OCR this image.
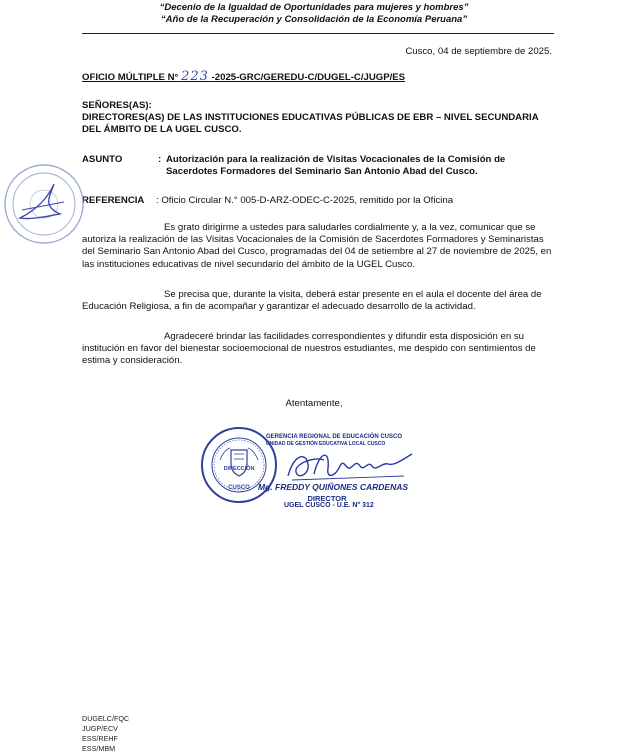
“Decenio de la Igualdad de Oportunidades para mujeres y hombres”
“Año de la Recuperación y Consolidación de la Economía Peruana”
Cusco, 04 de septiembre de 2025.
OFICIO MÚLTIPLE N° 223 -2025-GRC/GEREDU-C/DUGEL-C/JUGP/ES
SEÑORES(AS):
DIRECTORES(AS) DE LAS INSTITUCIONES EDUCATIVAS PÚBLICAS DE EBR – NIVEL SECUNDARIA
DEL ÁMBITO DE LA UGEL CUSCO.
ASUNTO	: Autorización para la realización de Visitas Vocacionales de la Comisión de
Sacerdotes Formadores del Seminario San Antonio Abad del Cusco.
REFERENCIA : Oficio Circular N.° 005-D-ARZ-ODEC-C-2025, remitido por la Oficina
Es grato dirigirme a ustedes para saludarles cordialmente y, a la vez, comunicar que se
autoriza la realización de las Visitas Vocacionales de la Comisión de Sacerdotes Formadores y Seminaristas
del Seminario San Antonio Abad del Cusco, programadas del 04 de setiembre al 27 de noviembre de 2025, en
las instituciones educativas de nivel secundario del ámbito de la UGEL Cusco.
Se precisa que, durante la visita, deberá estar presente en el aula el docente del área de
Educación Religiosa, a fin de acompañar y garantizar el adecuado desarrollo de la actividad.
Agradeceré brindar las facilidades correspondientes y difundir esta disposición en su
institución en favor del bienestar socioemocional de nuestros estudiantes, me despido con sentimientos de
estima y consideración.
Atentamente,
DIRECCIÓN
CUSCO
GERENCIA REGIONAL DE EDUCACIÓN CUSCO
UNIDAD DE GESTIÓN EDUCATIVA LOCAL CUSCO
Mg. FREDDY QUIÑONES CARDENAS
DIRECTOR
UGEL CUSCO - U.E. N° 312
DUGELC/FQC
JUGP/ECV
ESS/REHF
ESS/MBM
